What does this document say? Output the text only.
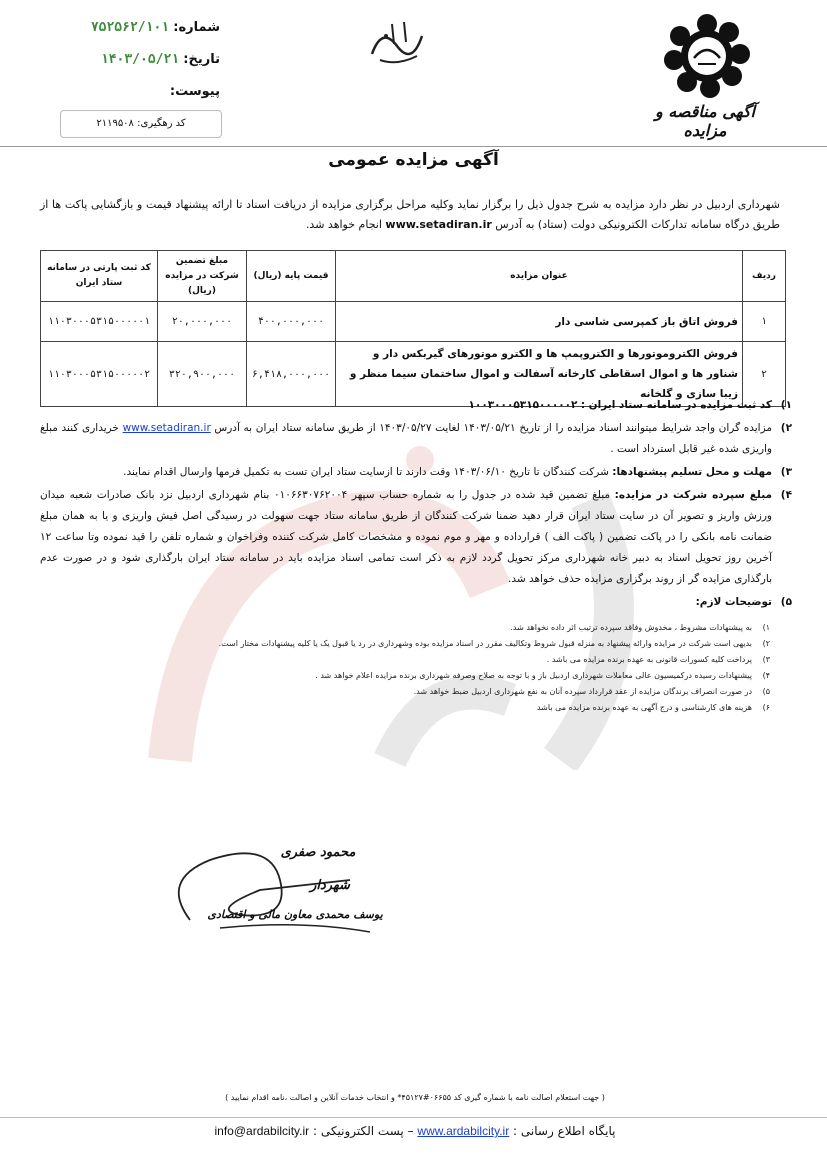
شماره: ۷۵۲۵۶۲/۱۰۱
تاریخ: ۱۴۰۳/۰۵/۲۱
پیوست:
کد رهگیری: ۲۱۱۹۵۰۸
آگهی مناقصه و مزایده
آگهی مزایده عمومی
شهرداری اردبیل در نظر دارد مزایده به شرح جدول ذیل را برگزار نماید وکلیه مراحل برگزاری مزایده از دریافت اسناد تا ارائه پیشنهاد قیمت و بازگشایی پاکت ها از طریق درگاه سامانه تدارکات الکترونیکی دولت (ستاد) به آدرس www.setadiran.ir انجام خواهد شد.
ردیف	عنوان مزایده	قیمت پایه (ریال)	مبلغ تضمین شرکت در مزایده (ریال)	کد ثبت پارتی در سامانه ستاد ایران
۱	فروش اتاق باز کمپرسی شاسی دار	۴۰۰,۰۰۰,۰۰۰	۲۰,۰۰۰,۰۰۰	۱۱۰۳۰۰۰۵۳۱۵۰۰۰۰۰۱
۲	فروش الکتروموتورها و الکتروپمپ ها و الکترو موتورهای گیربکس دار و شناور ها و اموال اسقاطی کارخانه آسفالت و اموال ساختمان سیما منظر و زیبا سازی و گلخانه	۶,۴۱۸,۰۰۰,۰۰۰	۳۲۰,۹۰۰,۰۰۰	۱۱۰۳۰۰۰۵۳۱۵۰۰۰۰۰۲
۱)
کد ثبت مزایده در سامانه ستاد ایران : ۱۰۰۳۰۰۰۵۳۱۵۰۰۰۰۰۲
۲)
مزایده گران واجد شرایط میتوانند اسناد مزایده را از تاریخ ۱۴۰۳/۰۵/۲۱ لغایت ۱۴۰۳/۰۵/۲۷ از طریق سامانه ستاد ایران به آدرس www.setadiran.ir خریداری کنند مبلغ واریزی شده غیر قابل استرداد است .
۳)
مهلت و محل تسلیم پیشنهادها: شرکت کنندگان تا تاریخ ۱۴۰۳/۰۶/۱۰ وقت دارند تا ازسایت ستاد ایران تست به تکمیل فرمها وارسال اقدام نمایند.
۴)
مبلغ سپرده شرکت در مزایده: مبلغ تضمین قید شده در جدول را به شماره حساب سپهر ۰۱۰۶۶۳۰۷۶۲۰۰۴ بنام شهرداری اردبیل نزد بانک صادرات شعبه میدان ورزش واریز و تصویر آن در سایت ستاد ایران قرار دهید ضمنا شرکت کنندگان از طریق سامانه ستاد جهت سهولت در رسیدگی اصل فیش واریزی و یا به همان مبلغ ضمانت نامه بانکی را در پاکت تضمین ( پاکت الف ) قرارداده و مهر و موم نموده و مشخصات کامل شرکت کننده وفراخوان و شماره تلفن را قید نموده وتا ساعت ۱۲ آخرین روز تحویل اسناد به دبیر خانه شهرداری مرکز تحویل گردد لازم به ذکر است تمامی اسناد مزایده باید در سامانه ستاد ایران بارگذاری شود و در صورت عدم بارگذاری مزایده گر از روند برگزاری مزایده حذف خواهد شد.
۵)
توضیحات لازم:
۱)
به پیشنهادات مشروط ، مخدوش وفاقد سپرده ترتیب اثر داده نخواهد شد.
۲)
بدیهی است شرکت در مزایده وارائه پیشنهاد به منزله قبول شروط وتکالیف مقرر در اسناد مزایده بوده وشهرداری در رد یا قبول یک یا کلیه پیشنهادات مختار است.
۳)
پرداخت کلیه کسورات قانونی به عهده برنده مزایده می باشد .
۴)
پیشنهادات رسیده درکمیسیون عالی معاملات شهرداری اردبیل باز و با توجه به صلاح وصرفه شهرداری برنده مزایده اعلام خواهد شد .
۵)
در صورت انصراف برندگان مزایده از عقد قرارداد سپرده آنان به نفع شهرداری اردبیل ضبط خواهد شد.
۶)
هزینه های کارشناسی و درج آگهی به عهده برنده مزایده می باشد
محمود صفری
شهردار
یوسف محمدی معاون مالی و اقتصادی
( جهت استعلام اصالت نامه با شماره گیری کد ۰۶۶۵۵#۴۵۱۲۷* و انتخاب خدمات آنلاین و اصالت ،نامه اقدام نمایید )
پایگاه اطلاع رسانی : www.ardabilcity.ir – پست الکترونیکی : info@ardabilcity.ir
